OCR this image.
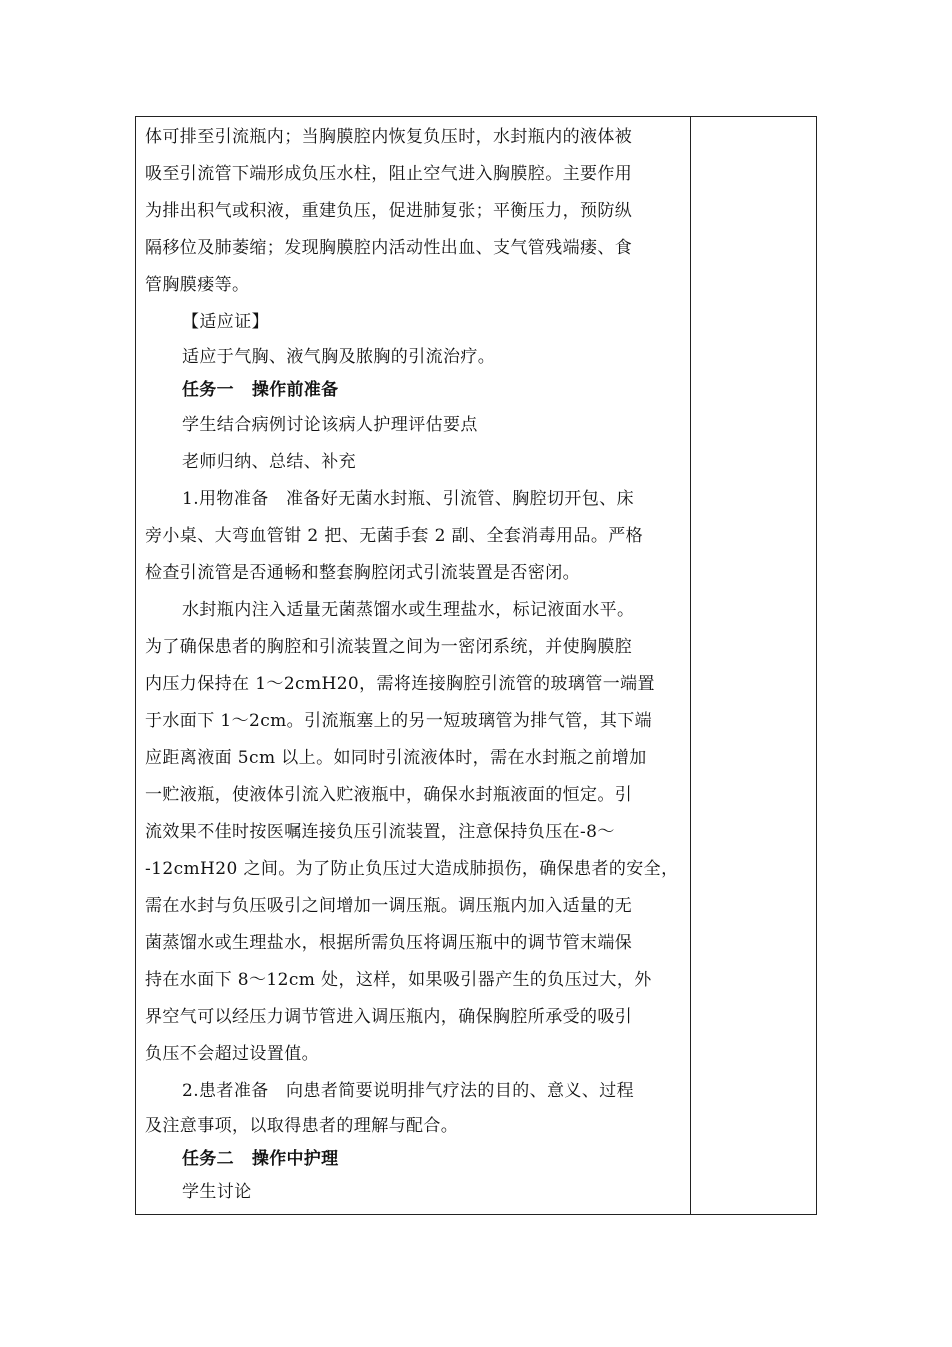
体可排至引流瓶内；当胸膜腔内恢复负压时，水封瓶内的液体被

吸至引流管下端形成负压水柱，阻止空气进入胸膜腔。主要作用

为排出积气或积液，重建负压，促进肺复张；平衡压力，预防纵

隔移位及肺萎缩；发现胸膜腔内活动性出血、支气管残端瘘、食

管胸膜瘘等。

【适应证】

适应于气胸、液气胸及脓胸的引流治疗。

任务一 操作前准备

学生结合病例讨论该病人护理评估要点

老师归纳、总结、补充

1.用物准备　准备好无菌水封瓶、引流管、胸腔切开包、床

旁小桌、大弯血管钳 2 把、无菌手套 2 副、全套消毒用品。严格

检查引流管是否通畅和整套胸腔闭式引流装置是否密闭。

水封瓶内注入适量无菌蒸馏水或生理盐水，标记液面水平。

为了确保患者的胸腔和引流装置之间为一密闭系统，并使胸膜腔

内压力保持在 1～2cmH20，需将连接胸腔引流管的玻璃管一端置

于水面下 1～2cm。引流瓶塞上的另一短玻璃管为排气管，其下端

应距离液面 5cm 以上。如同时引流液体时，需在水封瓶之前增加

一贮液瓶，使液体引流入贮液瓶中，确保水封瓶液面的恒定。引

流效果不佳时按医嘱连接负压引流装置，注意保持负压在-8～

-12cmH20 之间。为了防止负压过大造成肺损伤，确保患者的安全，

需在水封与负压吸引之间增加一调压瓶。调压瓶内加入适量的无

菌蒸馏水或生理盐水，根据所需负压将调压瓶中的调节管末端保

持在水面下 8～12cm 处，这样，如果吸引器产生的负压过大，外

界空气可以经压力调节管进入调压瓶内，确保胸腔所承受的吸引

负压不会超过设置值。

2.患者准备　向患者简要说明排气疗法的目的、意义、过程

及注意事项，以取得患者的理解与配合。

任务二 操作中护理

学生讨论
